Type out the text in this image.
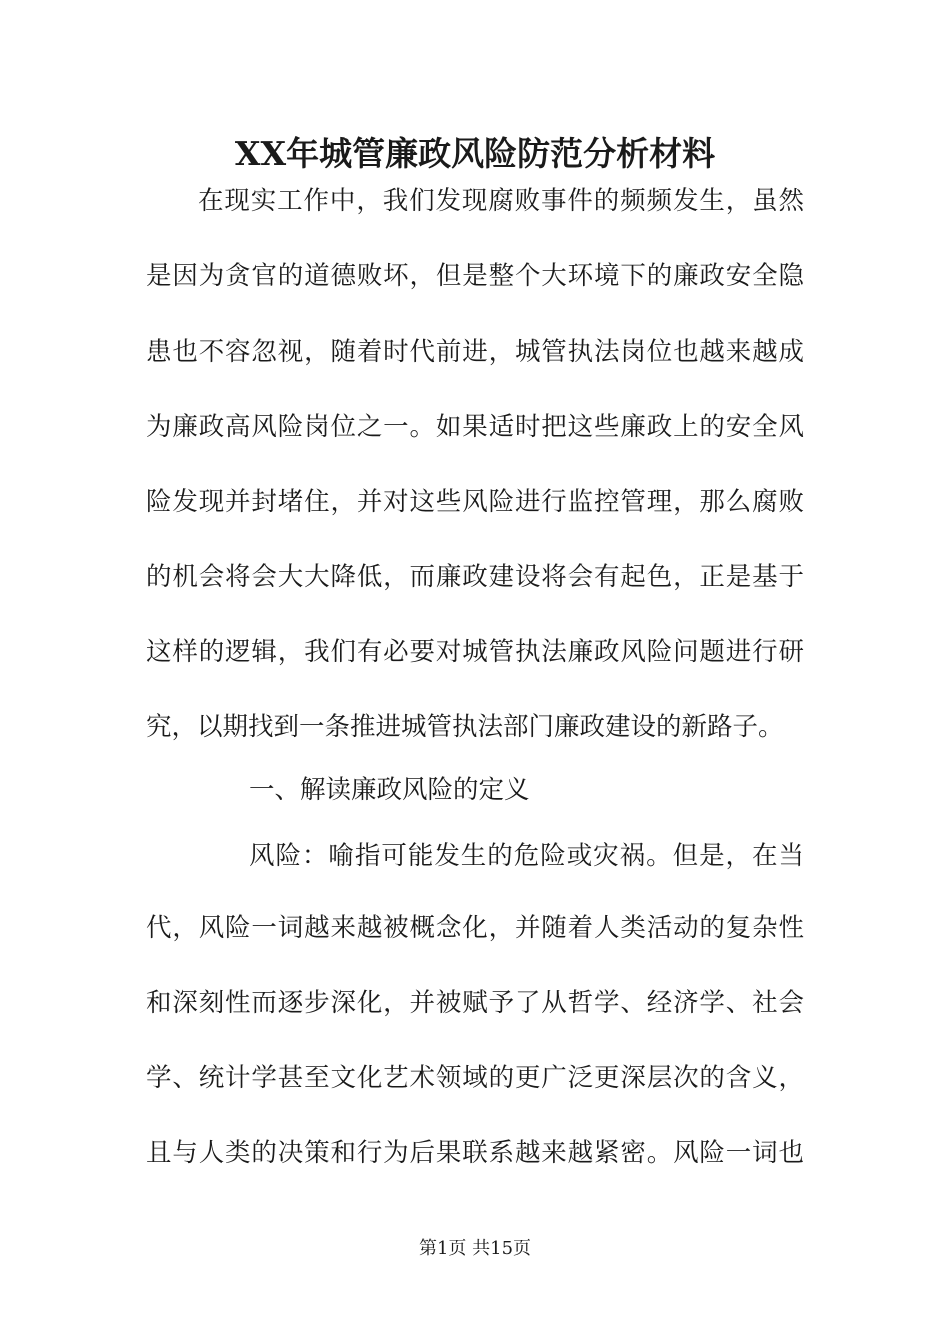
XX年城管廉政风险防范分析材料
在现实工作中，我们发现腐败事件的频频发生，虽然
是因为贪官的道德败坏，但是整个大环境下的廉政安全隐
患也不容忽视，随着时代前进，城管执法岗位也越来越成
为廉政高风险岗位之一。如果适时把这些廉政上的安全风
险发现并封堵住，并对这些风险进行监控管理，那么腐败
的机会将会大大降低，而廉政建设将会有起色，正是基于
这样的逻辑，我们有必要对城管执法廉政风险问题进行研
究，以期找到一条推进城管执法部门廉政建设的新路子。
一、解读廉政风险的定义
风险：喻指可能发生的危险或灾祸。但是，在当
代，风险一词越来越被概念化，并随着人类活动的复杂性
和深刻性而逐步深化，并被赋予了从哲学、经济学、社会
学、统计学甚至文化艺术领域的更广泛更深层次的含义，
且与人类的决策和行为后果联系越来越紧密。风险一词也
第1页 共15页
